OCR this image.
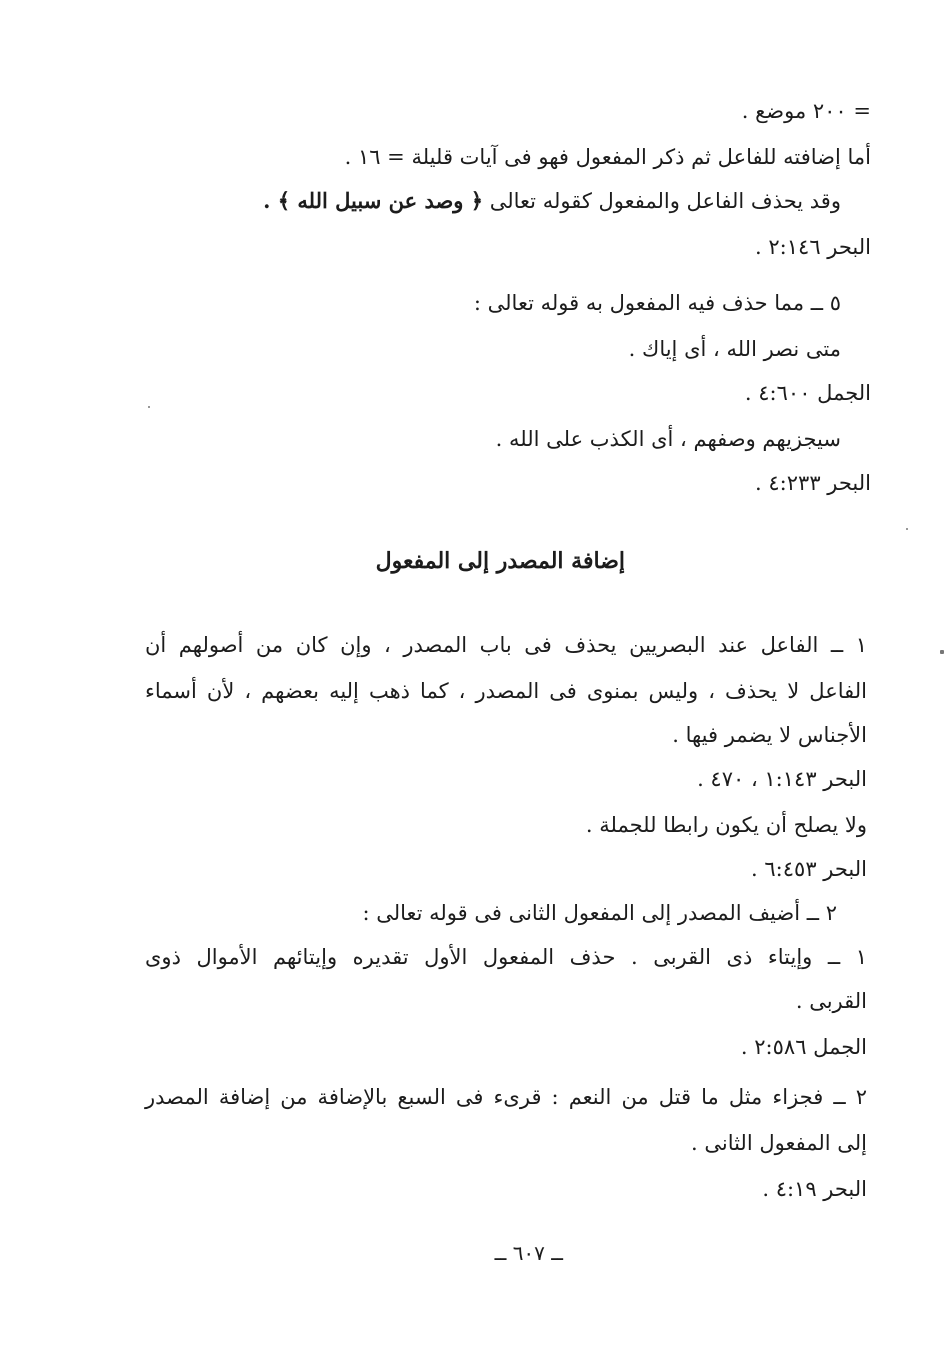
= ٢٠٠ موضع .
أما إضافته للفاعل ثم ذكر المفعول فهو فى آيات قليلة = ١٦ .
وقد يحذف الفاعل والمفعول كقوله تعالى ﴿ وصد عن سبيل الله ﴾ .
البحر ٢:١٤٦ .
٥ ــ مما حذف فيه المفعول به قوله تعالى :
متى نصر الله ، أى إياك .
الجمل ٤:٦٠٠ .
سيجزيهم وصفهم ، أى الكذب على الله .
البحر ٤:٢٣٣ .
إضافة المصدر إلى المفعول
١ ــ الفاعل عند البصريين يحذف فى باب المصدر ، وإن كان من أصولهم أن
الفاعل لا يحذف ، وليس بمنوى فى المصدر ، كما ذهب إليه بعضهم ، لأن أسماء
الأجناس لا يضمر فيها .
البحر ١:١٤٣ ، ٤٧٠ .
ولا يصلح أن يكون رابطا للجملة .
البحر ٦:٤٥٣ .
٢ ــ أضيف المصدر إلى المفعول الثانى فى قوله تعالى :
١ ــ وإيتاء ذى القربى . حذف المفعول الأول تقديره وإيتائهم الأموال ذوى
القربى .
الجمل ٢:٥٨٦ .
٢ ــ فجزاء مثل ما قتل من النعم : قرىء فى السبع بالإضافة من إضافة المصدر
إلى المفعول الثانى .
البحر ٤:١٩ .
ــ ٦٠٧ ــ
